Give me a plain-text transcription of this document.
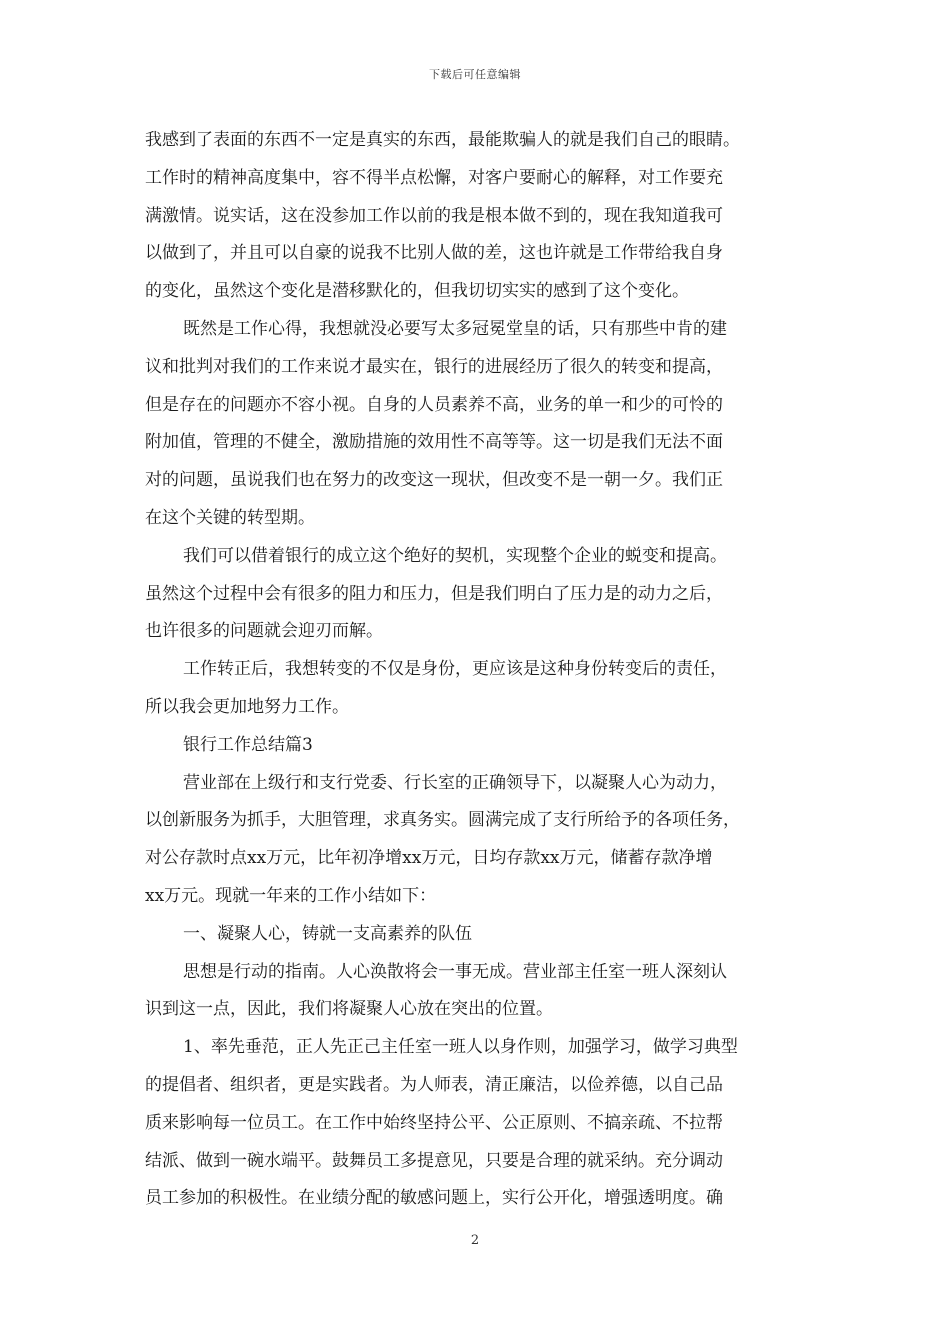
下载后可任意编辑
我感到了表面的东西不一定是真实的东西，最能欺骗人的就是我们自己的眼睛。
工作时的精神高度集中，容不得半点松懈，对客户要耐心的解释，对工作要充
满激情。说实话，这在没参加工作以前的我是根本做不到的，现在我知道我可
以做到了，并且可以自豪的说我不比别人做的差，这也许就是工作带给我自身
的变化，虽然这个变化是潜移默化的，但我切切实实的感到了这个变化。
既然是工作心得，我想就没必要写太多冠冕堂皇的话，只有那些中肯的建
议和批判对我们的工作来说才最实在，银行的进展经历了很久的转变和提高，
但是存在的问题亦不容小视。自身的人员素养不高，业务的单一和少的可怜的
附加值，管理的不健全，激励措施的效用性不高等等。这一切是我们无法不面
对的问题，虽说我们也在努力的改变这一现状，但改变不是一朝一夕。我们正
在这个关键的转型期。
我们可以借着银行的成立这个绝好的契机，实现整个企业的蜕变和提高。
虽然这个过程中会有很多的阻力和压力，但是我们明白了压力是的动力之后，
也许很多的问题就会迎刃而解。
工作转正后，我想转变的不仅是身份，更应该是这种身份转变后的责任，
所以我会更加地努力工作。
银行工作总结篇3
营业部在上级行和支行党委、行长室的正确领导下，以凝聚人心为动力，
以创新服务为抓手，大胆管理，求真务实。圆满完成了支行所给予的各项任务，
对公存款时点xx万元，比年初净增xx万元，日均存款xx万元，储蓄存款净增
xx万元。现就一年来的工作小结如下：
一、凝聚人心，铸就一支高素养的队伍
思想是行动的指南。人心涣散将会一事无成。营业部主任室一班人深刻认
识到这一点，因此，我们将凝聚人心放在突出的位置。
1、率先垂范，正人先正己主任室一班人以身作则，加强学习，做学习典型
的提倡者、组织者，更是实践者。为人师表，清正廉洁，以俭养德，以自己品
质来影响每一位员工。在工作中始终坚持公平、公正原则、不搞亲疏、不拉帮
结派、做到一碗水端平。鼓舞员工多提意见，只要是合理的就采纳。充分调动
员工参加的积极性。在业绩分配的敏感问题上，实行公开化，增强透明度。确
2
